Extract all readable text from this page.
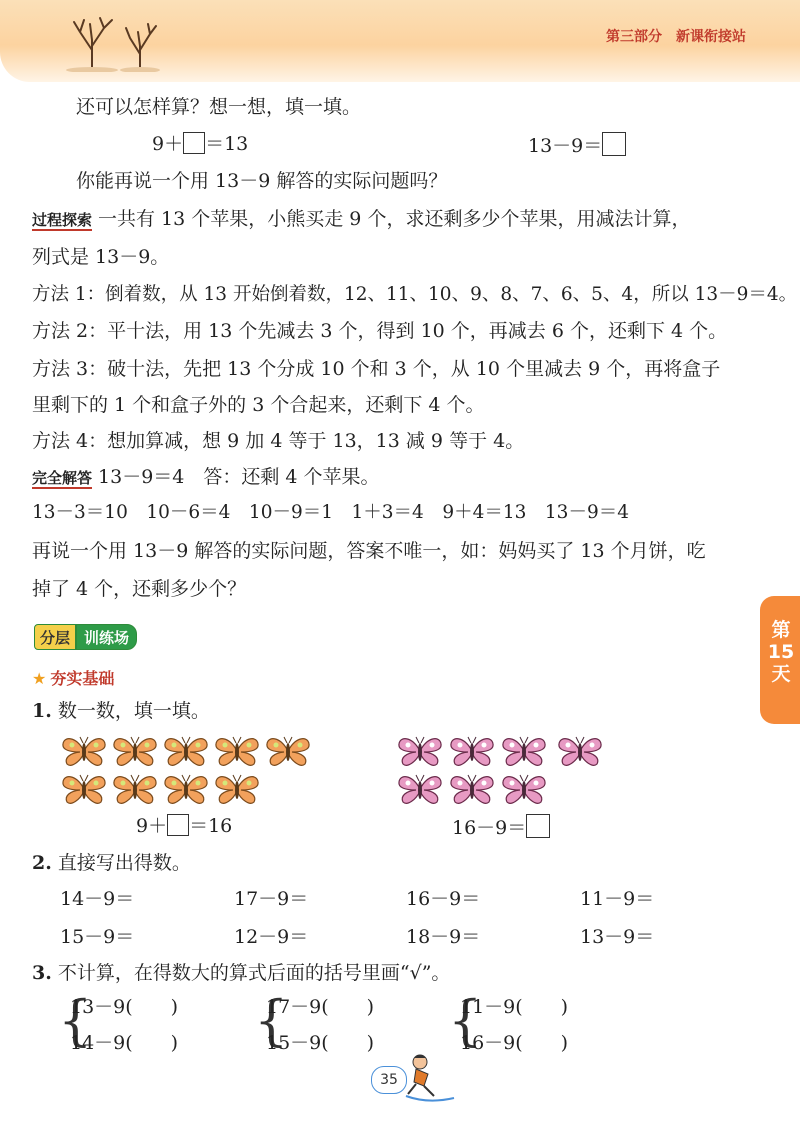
第三部分 新课衔接站
还可以怎样算？想一想，填一填。
9＋ ＝13	13－9＝
你能再说一个用 13－9 解答的实际问题吗？
过程探索 一共有 13 个苹果，小熊买走 9 个，求还剩多少个苹果，用减法计算，
列式是 13－9。
方法 1：倒着数，从 13 开始倒着数，12、11、10、9、8、7、6、5、4，所以 13－9＝4。
方法 2：平十法，用 13 个先减去 3 个，得到 10 个，再减去 6 个，还剩下 4 个。
方法 3：破十法，先把 13 个分成 10 个和 3 个，从 10 个里减去 9 个，再将盒子
里剩下的 1 个和盒子外的 3 个合起来，还剩下 4 个。
方法 4：想加算减，想 9 加 4 等于 13，13 减 9 等于 4。
完全解答 13－9＝4　答：还剩 4 个苹果。
13－3＝10　10－6＝4　10－9＝1　1＋3＝4　9＋4＝13　13－9＝4
再说一个用 13－9 解答的实际问题，答案不唯一，如：妈妈买了 13 个月饼，吃
掉了 4 个，还剩多少个？
第
15
天
分层 训练场
★ 夯实基础
1. 数一数，填一填。
9＋ ＝16	16－9＝
2. 直接写出得数。
14－9＝	17－9＝	16－9＝	11－9＝
15－9＝	12－9＝	18－9＝	13－9＝
3. 不计算，在得数大的算式后面的括号里画“√”。
{
13－9(　　)
14－9(　　) {
17－9(　　)
15－9(　　) {
11－9(　　)
16－9(　　)
35
